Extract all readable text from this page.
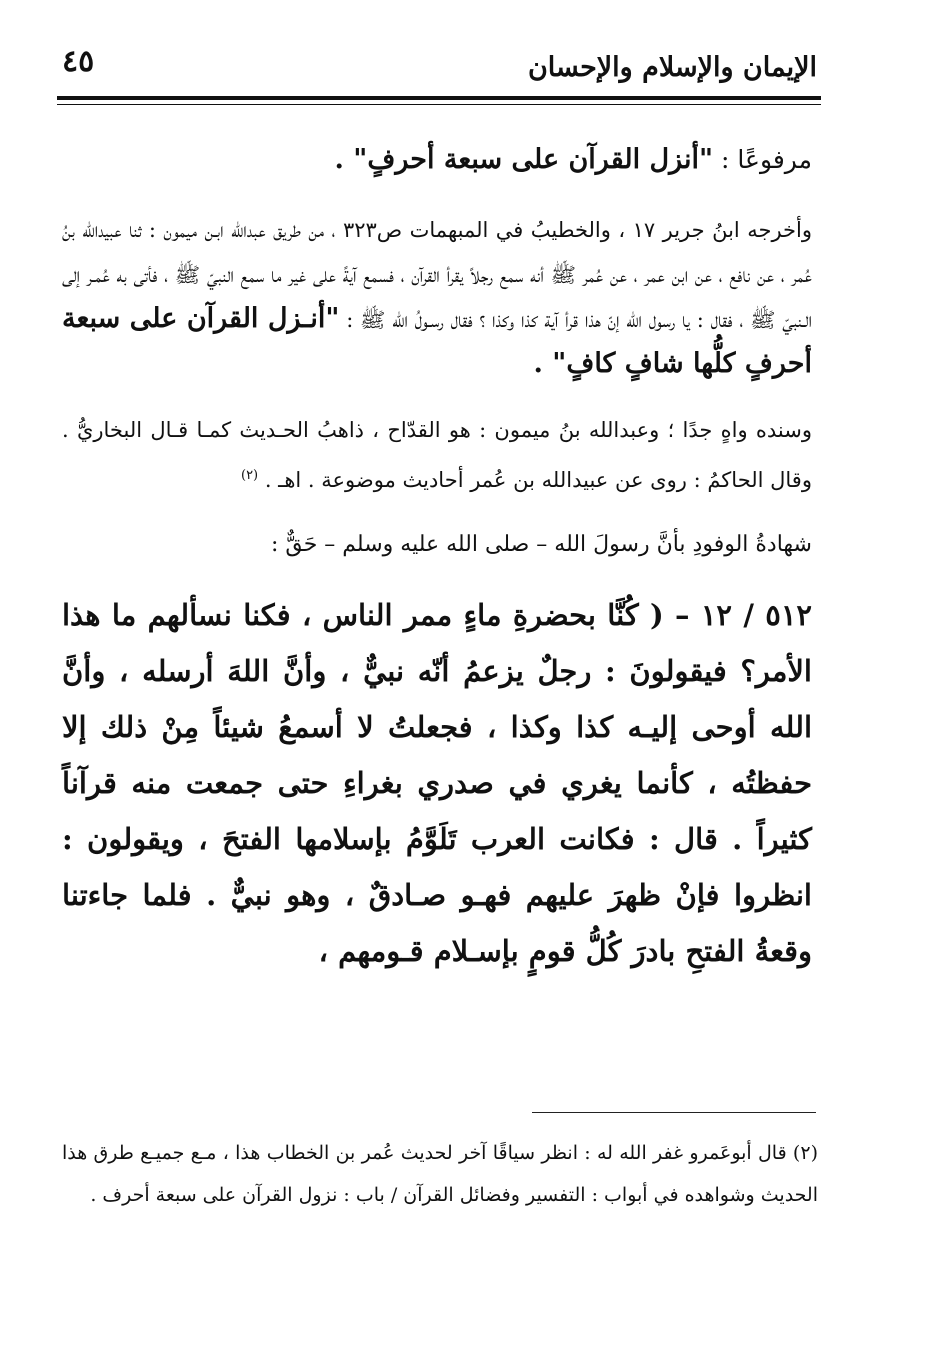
الإيمان والإسلام والإحسان
٤٥

مرفوعًا : "أنزل القرآن على سبعة أحرفٍ" .

وأخرجه ابنُ جرير ١٧ ، والخطيبُ في المبهمات ص٣٢٣ ، من طريق عبدالله ابـن ميمون : ثنا عبيدالله بنُ عُمر ، عن نافع ، عن ابن عمر ، عن عُمر ﷺ أنه سمع رجلاً يقرأ القرآن ، فسمع آيةً على غير ما سمع النبيّ ﷺ ، فأتى به عُمـر إلى الـنبيّ ﷺ ، فقال : يا رسول الله إنّ هذا قرأ آية كذا وكذا ؟ فقال رسـولُ الله ﷺ : "أنـزل القرآن على سبعة أحرفٍ كلُّها شافٍ كافٍ" .

وسنده واهٍ جدًا ؛ وعبدالله بنُ ميمون : هو القدّاح ، ذاهبُ الحـديث كمـا قـال البخاريُّ . وقال الحاكمُ : روى عن عبيدالله بن عُمر أحاديث موضوعة . اهـ . $^{(٢)}$

شهادةُ الوفودِ بأنَّ رسولَ الله – صلى الله عليه وسلم – حَقٌّ :

٥١٢ / ١٢ – ( كُنَّا بحضرةِ ماءٍ ممر الناس ، فكنا نسألهم ما هذا الأمر؟ فيقولونَ : رجلٌ يزعمُ أنّه نبيٌّ ، وأنَّ اللهَ أرسله ، وأنَّ الله أوحى إليـه كذا وكذا ، فجعلتُ لا أسمعُ شيئاً مِنْ ذلك إلا حفظتُه ، كأنما يغري في صدري بغراءِ حتى جمعت منه قرآناً كثيراً . قال : فكانت العرب تَلَوَّمُ بإسلامها الفتحَ ، ويقولون : انظروا فإنْ ظهرَ عليهم فهـو صـادقٌ ، وهو نبيٌّ . فلما جاءتنا وقعةُ الفتحِ بادرَ كُلُّ قومٍ بإسـلام قـومهم ،

(٢) قال أبوعَمرو غفر الله له : انظر سياقًا آخر لحديث عُمر بن الخطاب هذا ، مـع جميـع طرق هذا الحديث وشواهده في أبواب : التفسير وفضائل القرآن / باب : نزول القرآن على سبعة أحرف .
